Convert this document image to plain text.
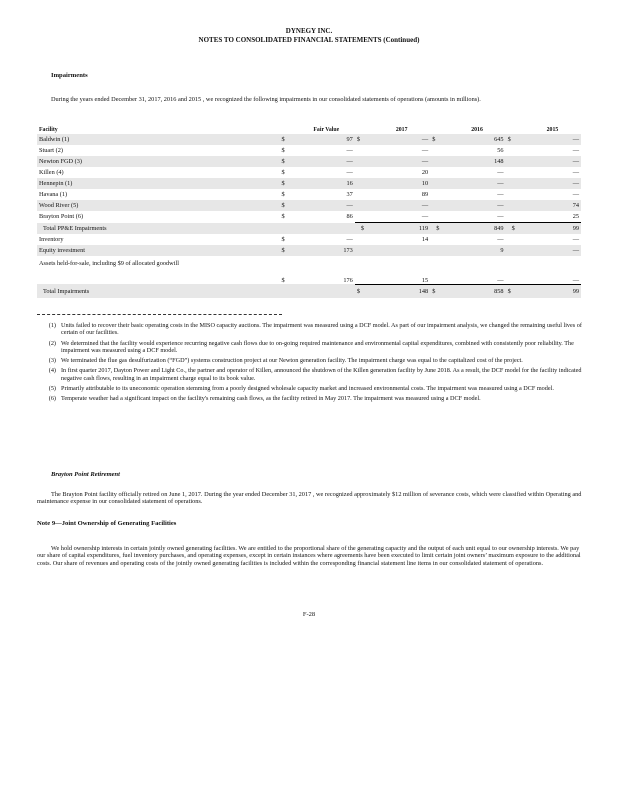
DYNEGY INC.
NOTES TO CONSOLIDATED FINANCIAL STATEMENTS (Continued)
Impairments
During the years ended December 31, 2017, 2016 and 2015 , we recognized the following impairments in our consolidated statements of operations (amounts in millions).
Facility		Fair Value		2017		2016		2015
Baldwin (1)	$	97	$	—	$	645	$	—
Stuart (2)	$	—		—		56		—
Newton FGD (3)	$	—		—		148		—
Killen (4)	$	—		20		—		—
Hennepin (1)	$	16		10		—		—
Havana (1)	$	37		89		—		—
Wood River (5)	$	—		—		—		74
Brayton Point (6)	$	86		—		—		25
Total PP&E Impairments			$	119	$	849	$	99
Inventory	$	—		14		—		—
Equity investment	$	173				9		—
Assets held-for-sale, including $9 of allocated goodwill	$	176		15		—		—
Total Impairments			$	148	$	858	$	99
(1) Units failed to recover their basic operating costs in the MISO capacity auctions. The impairment was measured using a DCF model. As part of our impairment analysis, we changed the remaining useful lives of certain of our facilities.
(2) We determined that the facility would experience recurring negative cash flows due to on-going required maintenance and environmental capital expenditures, combined with consistently poor reliability. The impairment was measured using a DCF model.
(3) We terminated the flue gas desulfurization (“FGD”) systems construction project at our Newton generation facility. The impairment charge was equal to the capitalized cost of the project.
(4) In first quarter 2017, Dayton Power and Light Co., the partner and operator of Killen, announced the shutdown of the Killen generation facility by June 2018. As a result, the DCF model for the facility indicated negative cash flows, resulting in an impairment charge equal to its book value.
(5) Primarily attributable to its uneconomic operation stemming from a poorly designed wholesale capacity market and increased environmental costs. The impairment was measured using a DCF model.
(6) Temperate weather had a significant impact on the facility's remaining cash flows, as the facility retired in May 2017. The impairment was measured using a DCF model.
Brayton Point Retirement
The Brayton Point facility officially retired on June 1, 2017. During the year ended December 31, 2017 , we recognized approximately $12 million of severance costs, which were classified within Operating and maintenance expense in our consolidated statement of operations.
Note 9—Joint Ownership of Generating Facilities
We hold ownership interests in certain jointly owned generating facilities. We are entitled to the proportional share of the generating capacity and the output of each unit equal to our ownership interests. We pay our share of capital expenditures, fuel inventory purchases, and operating expenses, except in certain instances where agreements have been executed to limit certain joint owners’ maximum exposure to the additional costs. Our share of revenues and operating costs of the jointly owned generating facilities is included within the corresponding financial statement line items in our consolidated statement of operations.
F-28
